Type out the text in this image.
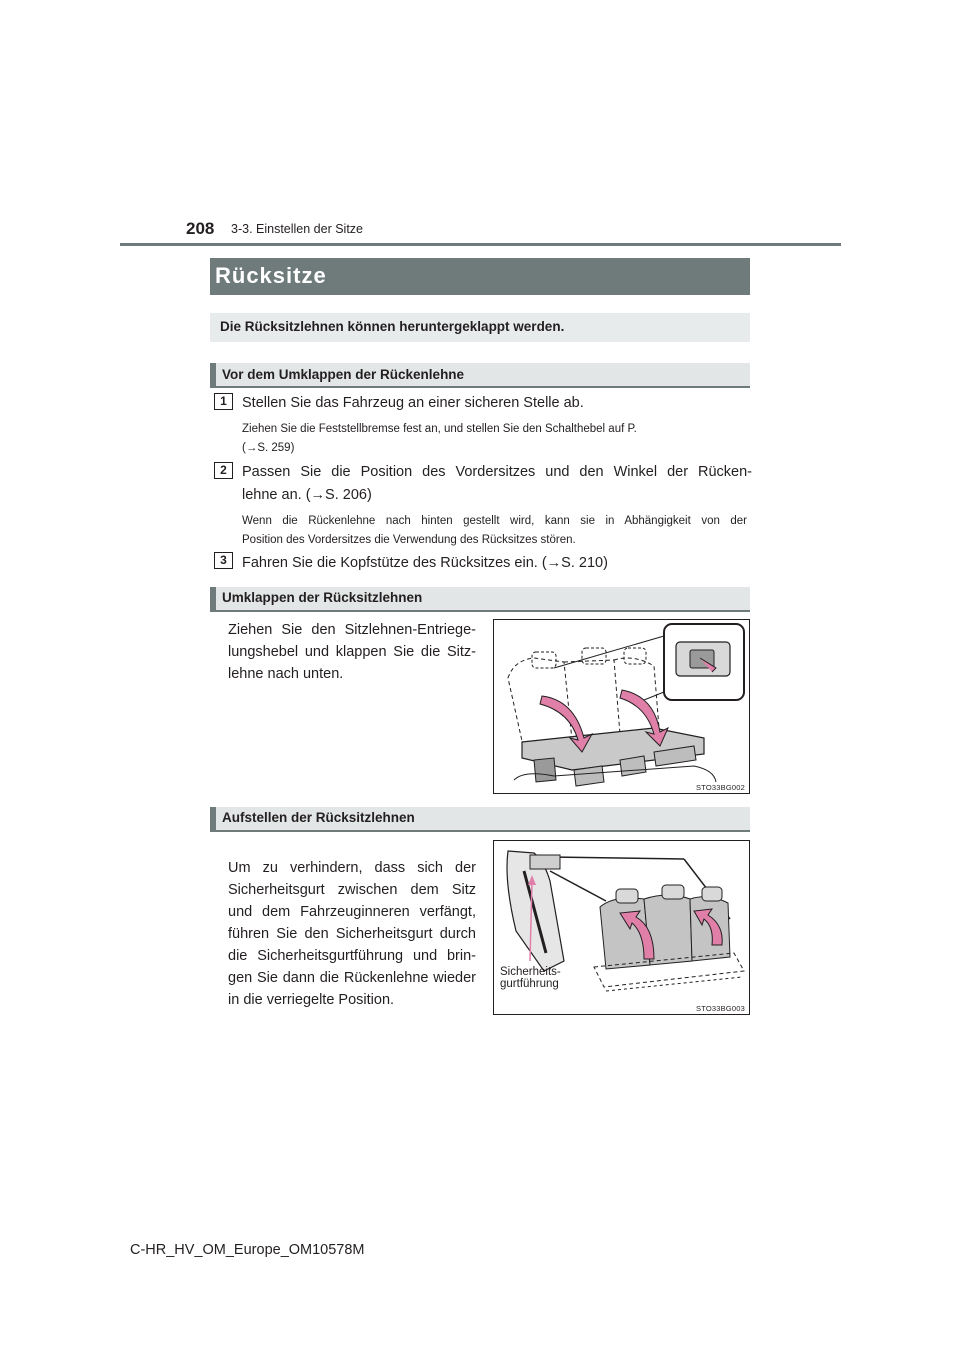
208 3-3. Einstellen der Sitze
Rücksitze
Die Rücksitzlehnen können heruntergeklappt werden.
Vor dem Umklappen der Rückenlehne
1	Stellen Sie das Fahrzeug an einer sicheren Stelle ab.
Ziehen Sie die Feststellbremse fest an, und stellen Sie den Schalthebel auf P.
(→S. 259)
2	Passen Sie die Position des Vordersitzes und den Winkel der Rücken-
lehne an. (→S. 206)
Wenn die Rückenlehne nach hinten gestellt wird, kann sie in Abhängigkeit von der
Position des Vordersitzes die Verwendung des Rücksitzes stören.
3	Fahren Sie die Kopfstütze des Rücksitzes ein. (→S. 210)
Umklappen der Rücksitzlehnen
Ziehen Sie den Sitzlehnen-Entriege-
lungshebel und klappen Sie die Sitz-
lehne nach unten.
STO33BG002
Aufstellen der Rücksitzlehnen
Um zu verhindern, dass sich der
Sicherheitsgurt zwischen dem Sitz
und dem Fahrzeuginneren verfängt,
führen Sie den Sicherheitsgurt durch
die Sicherheitsgurtführung und brin-
gen Sie dann die Rückenlehne wieder
in die verriegelte Position.
Sicherheits-
gurtführung
STO33BG003
C-HR_HV_OM_Europe_OM10578M
